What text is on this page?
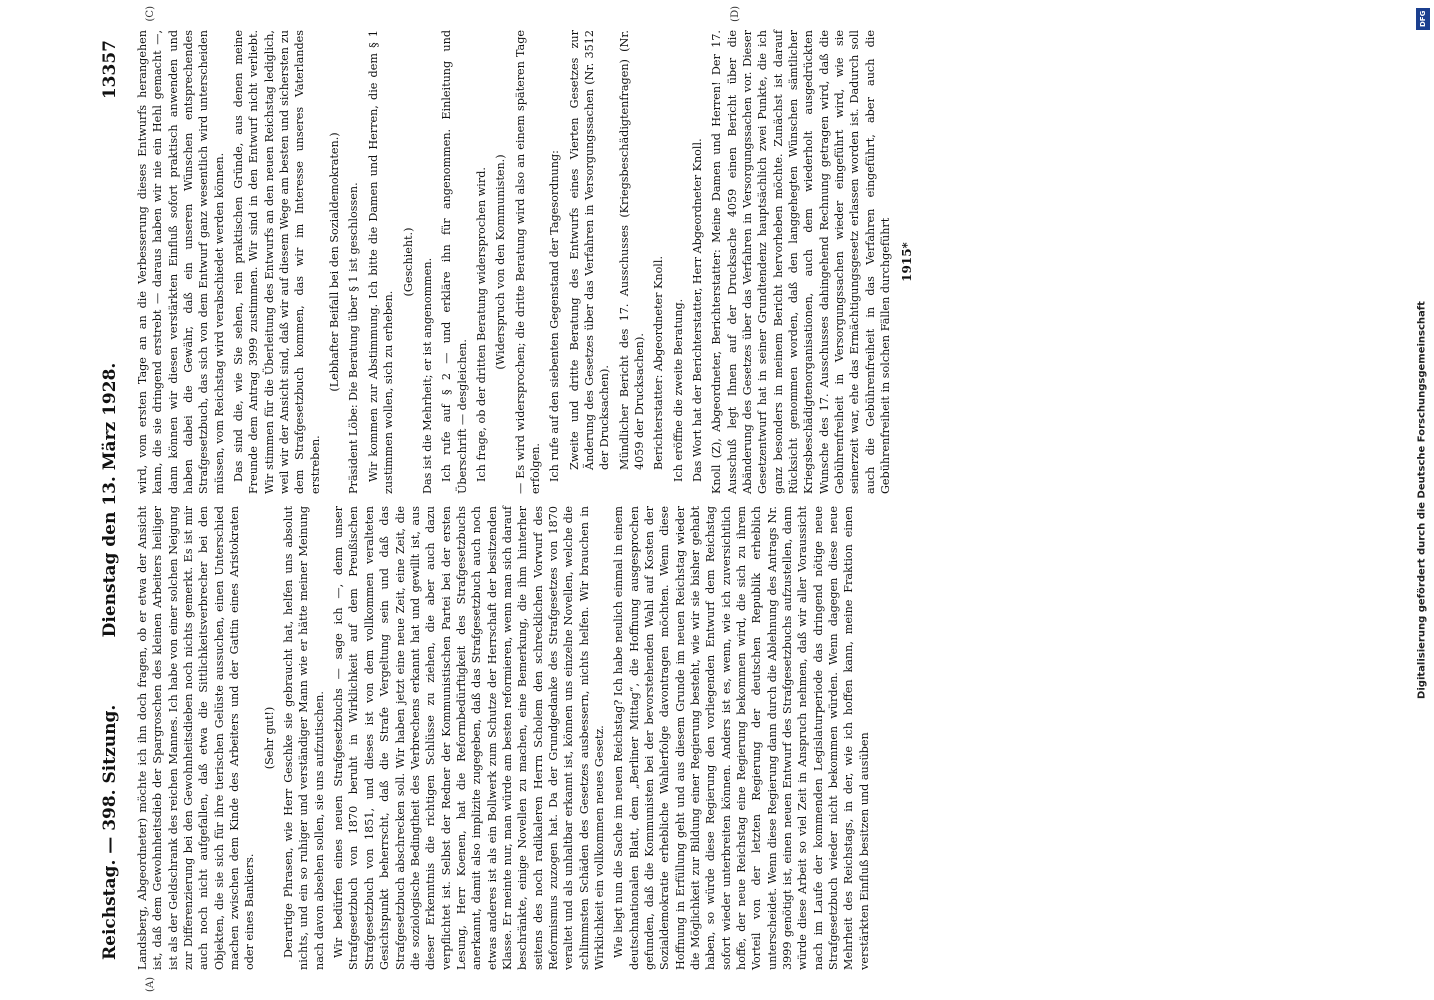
Reichstag. — 398. Sitzung.
Dienstag den 13. März 1928.
13357
(A)
(C)	(D)

Landsberg, Abgeordneter) möchte ich ihn doch fragen, ob er etwa der Ansicht ist, daß dem Gewohnheitsdieb der Spargroschen des kleinen Arbeiters heiliger ist als der Geldschrank des reichen Mannes. Ich habe von einer solchen Neigung zur Differenzierung bei den Gewohnheitsdieben noch nichts gemerkt. Es ist mir auch noch nicht aufgefallen, daß etwa die Sittlichkeitsverbrecher bei den Objekten, die sie sich für ihre tierischen Gelüste aussuchen, einen Unterschied machen zwischen dem Kinde des Arbeiters und der Gattin eines Aristokraten oder eines Bankiers.

(Sehr gut!) Derartige Phrasen, wie Herr Geschke sie gebraucht hat, helfen uns absolut nichts, und ein so ruhiger und verständiger Mann wie er hätte meiner Meinung nach davon absehen sollen, sie uns aufzutischen. Wir bedürfen eines neuen Strafgesetzbuchs — sage ich —, denn unser Strafgesetzbuch von 1870 beruht in Wirklichkeit auf dem Preußischen Strafgesetzbuch von 1851, und dieses ist von dem vollkommen veralteten Gesichtspunkt beherrscht, daß die Strafe Vergeltung sein und daß das Strafgesetzbuch abschrecken soll. Wir haben jetzt eine neue Zeit, eine Zeit, die die soziologische Bedingtheit des Verbrechens erkannt hat und gewillt ist, aus dieser Erkenntnis die richtigen Schlüsse zu ziehen, die aber auch dazu verpflichtet ist. Selbst der Redner der Kommunistischen Partei bei der ersten Lesung, Herr Koenen, hat die Reformbedürftigkeit des Strafgesetzbuchs anerkannt, damit also implizite zugegeben, daß das Strafgesetzbuch auch noch etwas anderes ist als ein Bollwerk zum Schutze der Herrschaft der besitzenden Klasse. Er meinte nur, man würde am besten reformieren, wenn man sich darauf beschränkte, einige Novellen zu machen, eine Bemerkung, die ihm hinterher seitens des noch radikaleren Herrn Scholem den schrecklichen Vorwurf des Reformismus zuzogen hat. Da der Grundgedanke des Strafgesetzes von 1870 veraltet und als unhaltbar erkannt ist, können uns einzelne Novellen, welche die schlimmsten Schäden des Gesetzes ausbessern, nichts helfen. Wir brauchen in Wirklichkeit ein vollkommen neues Gesetz. Wie liegt nun die Sache im neuen Reichstag? Ich habe neulich einmal in einem deutschnationalen Blatt, dem „Berliner Mittag“, die Hoffnung ausgesprochen gefunden, daß die Kommunisten bei der bevorstehenden Wahl auf Kosten der Sozialdemokratie erhebliche Wahlerfolge davontragen möchten. Wenn diese Hoffnung in Erfüllung geht und aus diesem Grunde im neuen Reichstag wieder die Möglichkeit zur Bildung einer Regierung besteht, wie wir sie bisher gehabt haben, so würde diese Regierung den vorliegenden Entwurf dem Reichstag sofort wieder unterbreiten können. Anders ist es, wenn, wie ich zuversichtlich hoffe, der neue Reichstag eine Regierung bekommen wird, die sich zu ihrem Vorteil von der letzten Regierung der deutschen Republik erheblich unterscheidet. Wenn diese Regierung dann durch die Ablehnung des Antrags Nr. 3999 genötigt ist, einen neuen Entwurf des Strafgesetzbuchs aufzustellen, dann würde diese Arbeit so viel Zeit in Anspruch nehmen, daß wir aller Voraussicht nach im Laufe der kommenden Legislaturperiode das dringend nötige neue Strafgesetzbuch wieder nicht bekommen würden. Wenn dagegen diese neue Mehrheit des Reichstags, in der, wie ich hoffen kann, meine Fraktion einen verstärkten Einfluß besitzen und ausüben

wird, vom ersten Tage an an die Verbesserung dieses Entwurfs herangehen kann, die sie dringend erstrebt — daraus haben wir nie ein Hehl gemacht —, dann können wir diesen verstärkten Einfluß sofort praktisch anwenden und haben dabei die Gewähr, daß ein unseren Wünschen entsprechendes Strafgesetzbuch, das sich von dem Entwurf ganz wesentlich wird unterscheiden müssen, vom Reichstag wird verabschiedet werden können. Das sind die, wie Sie sehen, rein praktischen Gründe, aus denen meine Freunde dem Antrag 3999 zustimmen. Wir sind in den Entwurf nicht verliebt. Wir stimmen für die Überleitung des Entwurfs an den neuen Reichstag lediglich, weil wir der Ansicht sind, daß wir auf diesem Wege am besten und sichersten zu dem Strafgesetzbuch kommen, das wir im Interesse unseres Vaterlandes erstreben.

(Lebhafter Beifall bei den Sozialdemokraten.) Präsident Löbe: Die Beratung über § 1 ist geschlossen. Wir kommen zur Abstimmung. Ich bitte die Damen und Herren, die dem § 1 zustimmen wollen, sich zu erheben.

(Geschieht.) Das ist die Mehrheit; er ist angenommen. Ich rufe auf § 2 — und erkläre ihn für angenommen. Einleitung und Überschrift — desgleichen. Ich frage, ob der dritten Beratung widersprochen wird. (Widerspruch von den Kommunisten.) — Es wird widersprochen; die dritte Beratung wird also an einem späteren Tage erfolgen. Ich rufe auf den siebenten Gegenstand der Tagesordnung: Zweite und dritte Beratung des Entwurfs eines Vierten Gesetzes zur Änderung des Gesetzes über das Verfahren in Versorgungssachen (Nr. 3512 der Drucksachen). Mündlicher Bericht des 17. Ausschusses (Kriegsbeschädigtenfragen) (Nr. 4059 der Drucksachen). Berichterstatter: Abgeordneter Knoll. Ich eröffne die zweite Beratung. Das Wort hat der Berichterstatter, Herr Abgeordneter Knoll. Knoll (Z), Abgeordneter, Berichterstatter: Meine Damen und Herren! Der 17. Ausschuß legt Ihnen auf der Drucksache 4059 einen Bericht über die Abänderung des Gesetzes über das Verfahren in Versorgungssachen vor. Dieser Gesetzentwurf hat in seiner Grundtendenz hauptsächlich zwei Punkte, die ich ganz besonders in meinem Bericht hervorheben möchte. Zunächst ist darauf Rücksicht genommen worden, daß den langgehegten Wünschen sämtlicher Kriegsbeschädigtenorganisationen, auch dem wiederholt ausgedrückten Wunsche des 17. Ausschusses dahingehend Rechnung getragen wird, daß die Gebührenfreiheit in Versorgungssachen wieder eingeführt wird, wie sie seinerzeit war, ehe das Ermächtigungsgesetz erlassen worden ist. Dadurch soll auch die Gebührenfreiheit in das Verfahren eingeführt, aber auch die Gebührenfreiheit in solchen Fällen durchgeführt 1915*
DFG
Digitalisierung gefördert durch die Deutsche Forschungsgemeinschaft
